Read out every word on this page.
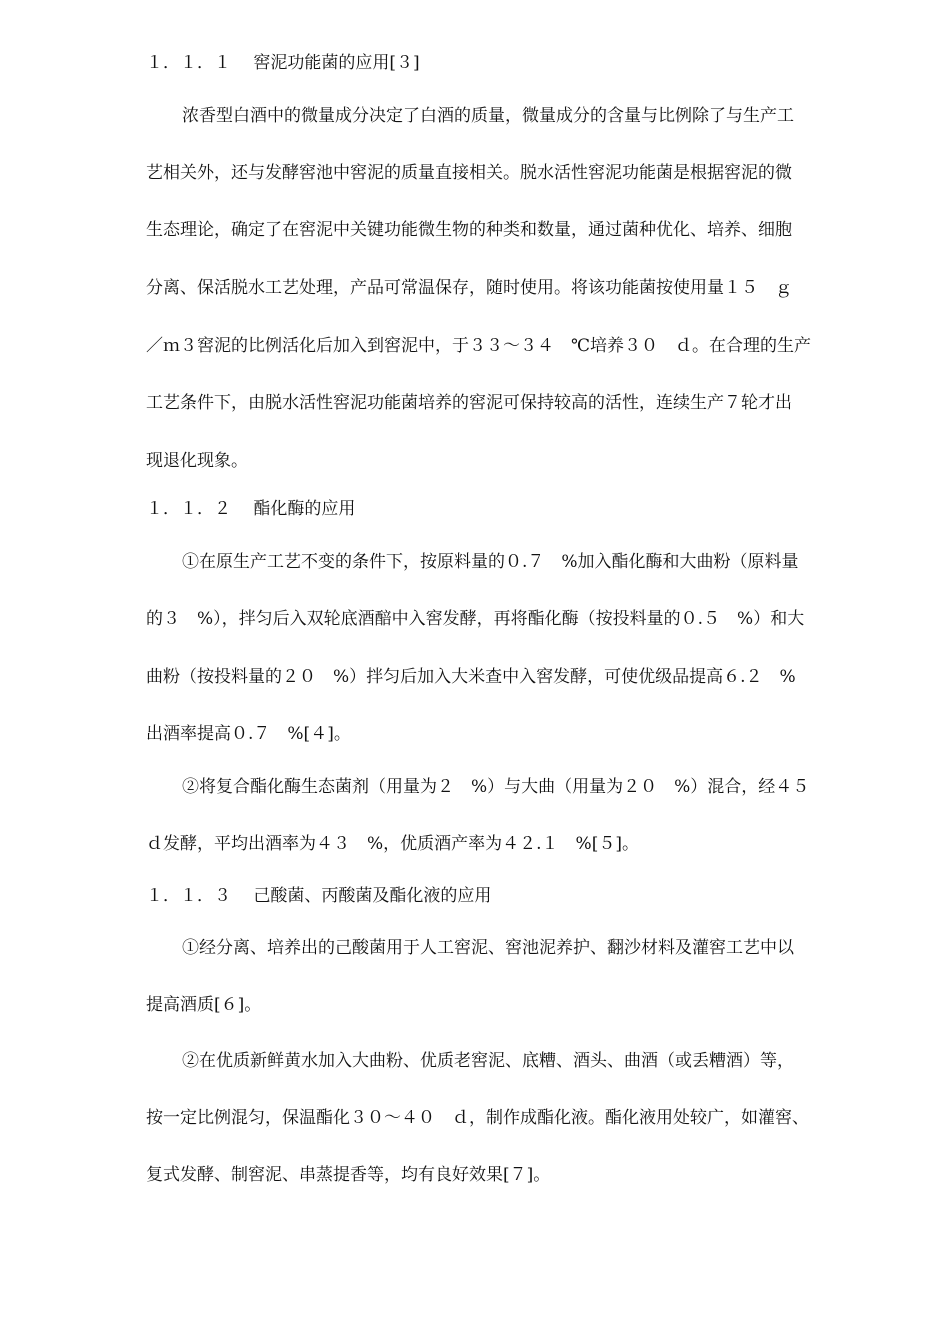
１．１．１　 窖泥功能菌的应用[３]
浓香型白酒中的微量成分决定了白酒的质量，微量成分的含量与比例除了与生产工
艺相关外，还与发酵窖池中窖泥的质量直接相关。脱水活性窖泥功能菌是根据窖泥的微
生态理论，确定了在窖泥中关键功能微生物的种类和数量，通过菌种优化、培养、细胞
分离、保活脱水工艺处理，产品可常温保存，随时使用。将该功能菌按使用量１５　ｇ
／ｍ３窖泥的比例活化后加入到窖泥中，于３３～３４　℃培养３０　ｄ。在合理的生产
工艺条件下，由脱水活性窖泥功能菌培养的窖泥可保持较高的活性，连续生产７轮才出
现退化现象。
１．１．２　 酯化酶的应用
①在原生产工艺不变的条件下，按原料量的０.７　%加入酯化酶和大曲粉（原料量
的３　%），拌匀后入双轮底酒醅中入窖发酵，再将酯化酶（按投料量的０.５　%）和大
曲粉（按投料量的２０　%）拌匀后加入大米查中入窖发酵，可使优级品提高６.２　%
出酒率提高０.７　%[４]。
②将复合酯化酶生态菌剂（用量为２　%）与大曲（用量为２０　%）混合，经４５
ｄ发酵，平均出酒率为４３　%，优质酒产率为４２.１　%[５]。
１．１．３　 己酸菌、丙酸菌及酯化液的应用
①经分离、培养出的己酸菌用于人工窖泥、窖池泥养护、翻沙材料及灌窖工艺中以
提高酒质[６]。
②在优质新鲜黄水加入大曲粉、优质老窖泥、底糟、酒头、曲酒（或丢糟酒）等，
按一定比例混匀，保温酯化３０～４０　ｄ，制作成酯化液。酯化液用处较广，如灌窖、
复式发酵、制窖泥、串蒸提香等，均有良好效果[７]。
